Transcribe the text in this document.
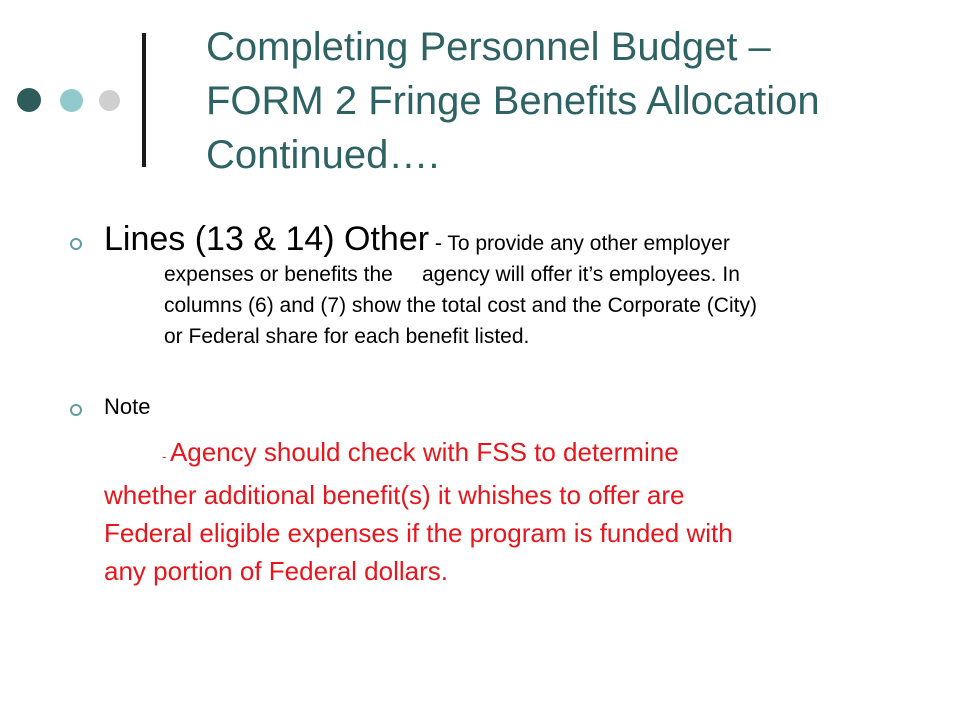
Completing Personnel Budget –
FORM 2 Fringe Benefits Allocation
Continued….
Lines (13 & 14) Other - To provide any other employer
expenses or benefits the     agency will offer it’s employees. In
columns (6) and (7) show the total cost and the Corporate (City)
or Federal share for each benefit listed.
Note
- Agency should check with FSS to determine
whether additional benefit(s) it whishes to offer are
Federal eligible expenses if the program is funded with
any portion of Federal dollars.
